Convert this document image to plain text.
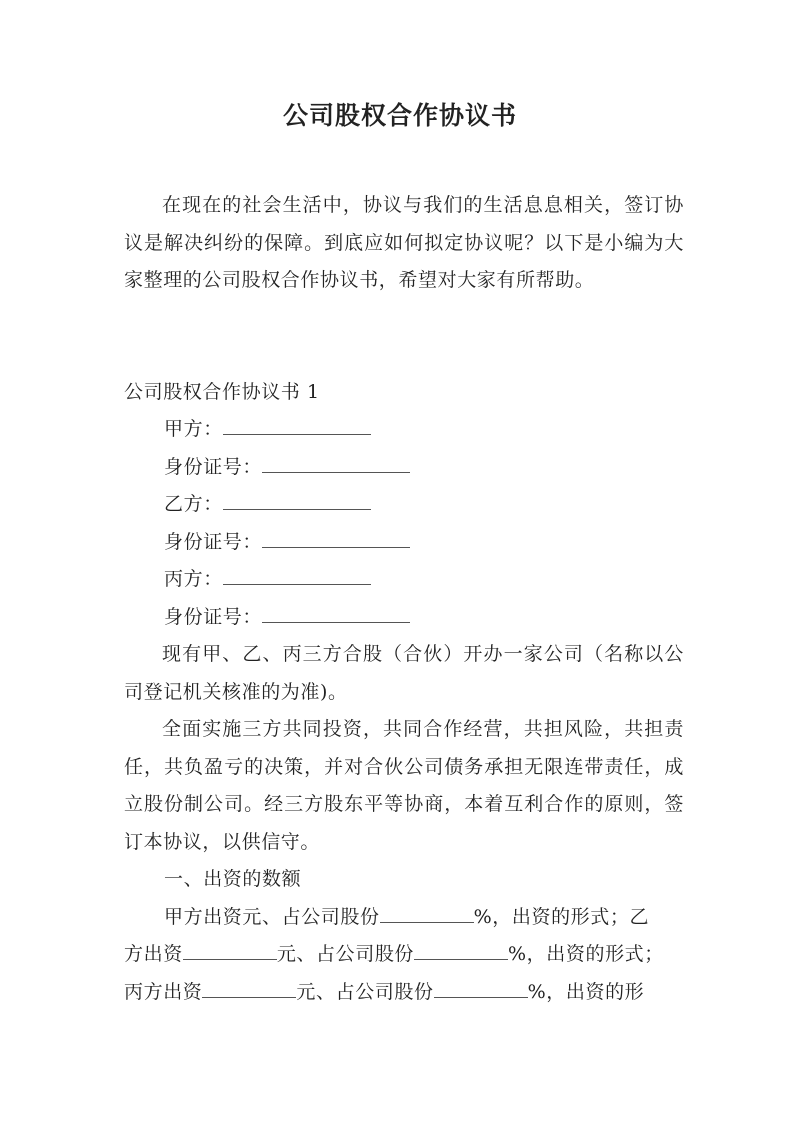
公司股权合作协议书

在现在的社会生活中，协议与我们的生活息息相关，签订协议是解决纠纷的保障。到底应如何拟定协议呢？以下是小编为大家整理的公司股权合作协议书，希望对大家有所帮助。

公司股权合作协议书 1
甲方：
身份证号：
乙方：
身份证号：
丙方：
身份证号：

现有甲、乙、丙三方合股（合伙）开办一家公司（名称以公司登记机关核准的为准)。

全面实施三方共同投资，共同合作经营，共担风险，共担责任，共负盈亏的决策，并对合伙公司债务承担无限连带责任，成立股份制公司。经三方股东平等协商，本着互利合作的原则，签订本协议，以供信守。

一、出资的数额
甲方出资元、占公司股份	%，出资的形式；乙
方出资	元、占公司股份	%，出资的形式；
丙方出资	元、占公司股份	%，出资的形
